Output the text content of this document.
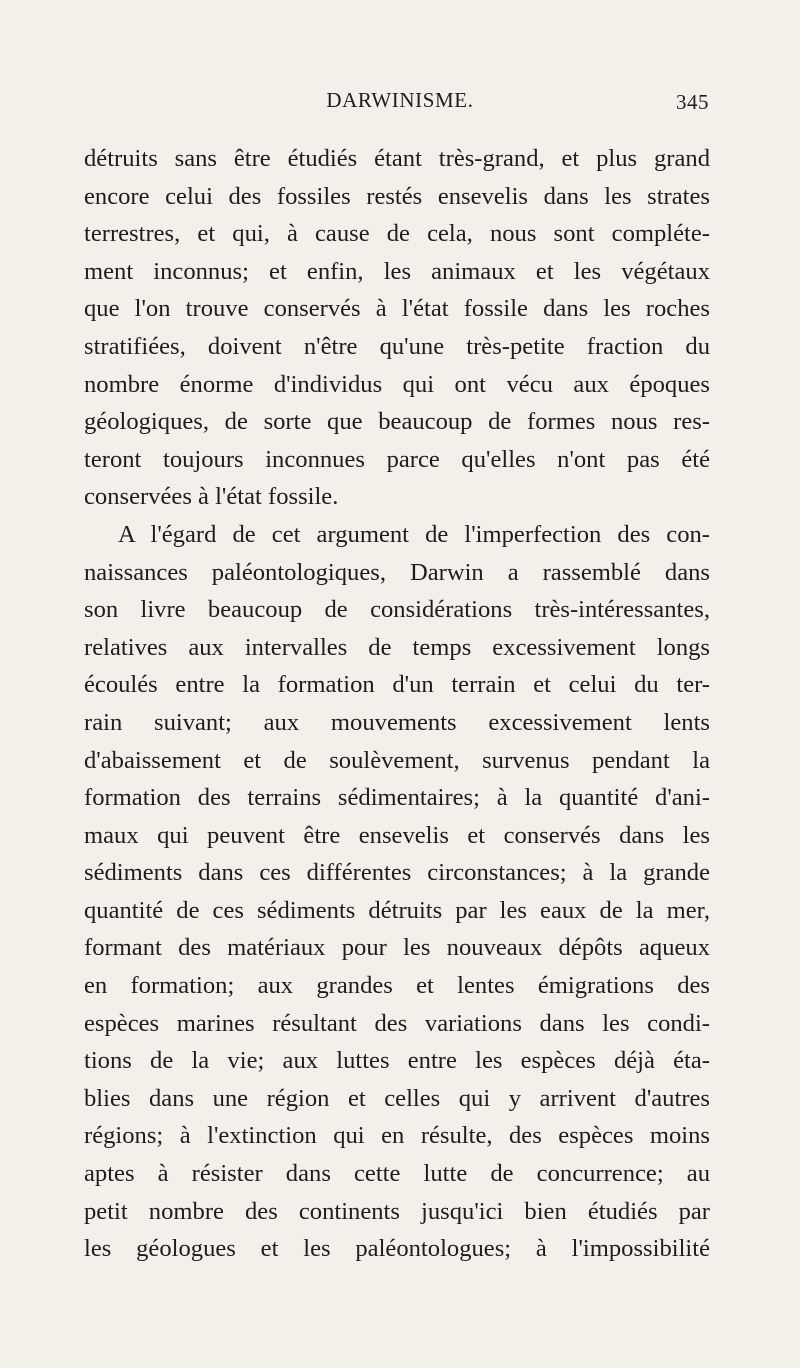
DARWINISME.	345
détruits sans être étudiés étant très-grand, et plus grand
encore celui des fossiles restés ensevelis dans les strates
terrestres, et qui, à cause de cela, nous sont compléte-
ment inconnus; et enfin, les animaux et les végétaux
que l'on trouve conservés à l'état fossile dans les roches
stratifiées, doivent n'être qu'une très-petite fraction du
nombre énorme d'individus qui ont vécu aux époques
géologiques, de sorte que beaucoup de formes nous res-
teront toujours inconnues parce qu'elles n'ont pas été
conservées à l'état fossile.
A l'égard de cet argument de l'imperfection des con-
naissances paléontologiques, Darwin a rassemblé dans
son livre beaucoup de considérations très-intéressantes,
relatives aux intervalles de temps excessivement longs
écoulés entre la formation d'un terrain et celui du ter-
rain suivant; aux mouvements excessivement lents
d'abaissement et de soulèvement, survenus pendant la
formation des terrains sédimentaires; à la quantité d'ani-
maux qui peuvent être ensevelis et conservés dans les
sédiments dans ces différentes circonstances; à la grande
quantité de ces sédiments détruits par les eaux de la mer,
formant des matériaux pour les nouveaux dépôts aqueux
en formation; aux grandes et lentes émigrations des
espèces marines résultant des variations dans les condi-
tions de la vie; aux luttes entre les espèces déjà éta-
blies dans une région et celles qui y arrivent d'autres
régions; à l'extinction qui en résulte, des espèces moins
aptes à résister dans cette lutte de concurrence; au
petit nombre des continents jusqu'ici bien étudiés par
les géologues et les paléontologues; à l'impossibilité
